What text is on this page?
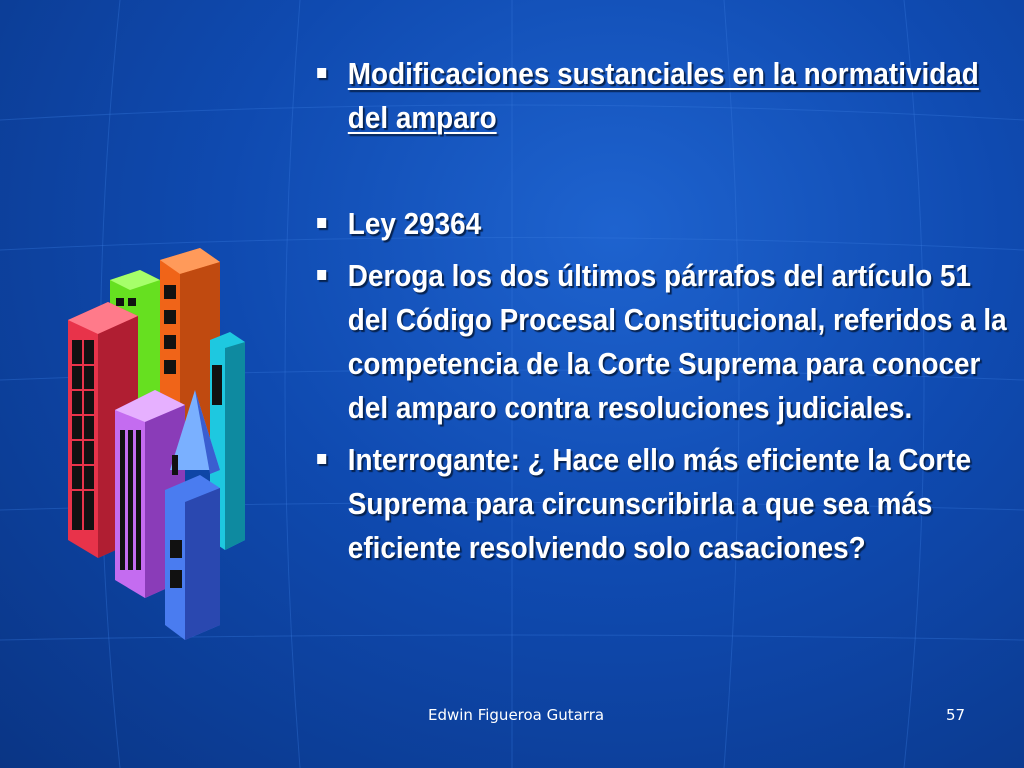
Modificaciones sustanciales en la normatividad del amparo
Ley 29364
Deroga los dos últimos párrafos del artículo 51 del Código Procesal Constitucional, referidos a la competencia de la Corte Suprema para conocer del amparo contra resoluciones judiciales.
Interrogante: ¿ Hace ello más eficiente la Corte Suprema para circunscribirla a que sea más eficiente resolviendo solo casaciones?
Edwin Figueroa Gutarra	57
